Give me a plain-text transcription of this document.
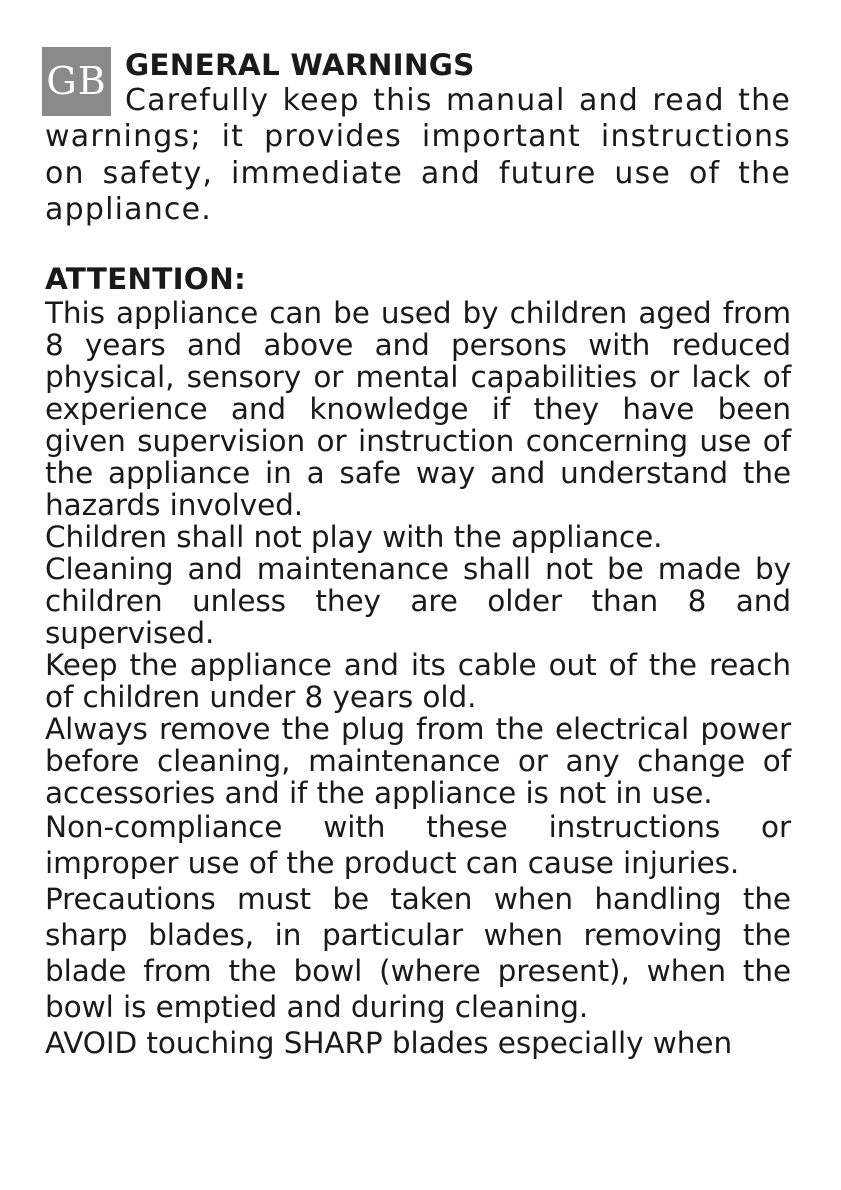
GB GENERAL WARNINGS

Carefully keep this manual and read the warnings; it provides important instructions on safety, immediate and future use of the appliance.

ATTENTION:

This appliance can be used by children aged from 8 years and above and persons with reduced physical, sensory or mental capabilities or lack of experience and knowledge if they have been given supervision or instruction concerning use of the appliance in a safe way and understand the hazards involved.

Children shall not play with the appliance.

Cleaning and maintenance shall not be made by children unless they are older than 8 and supervised.

Keep the appliance and its cable out of the reach of children under 8 years old.

Always remove the plug from the electrical power before cleaning, maintenance or any change of accessories and if the appliance is not in use.

Non-compliance with these instructions or improper use of the product can cause injuries.

Precautions must be taken when handling the sharp blades, in particular when removing the blade from the bowl (where present), when the bowl is emptied and during cleaning.

AVOID touching SHARP blades especially when
